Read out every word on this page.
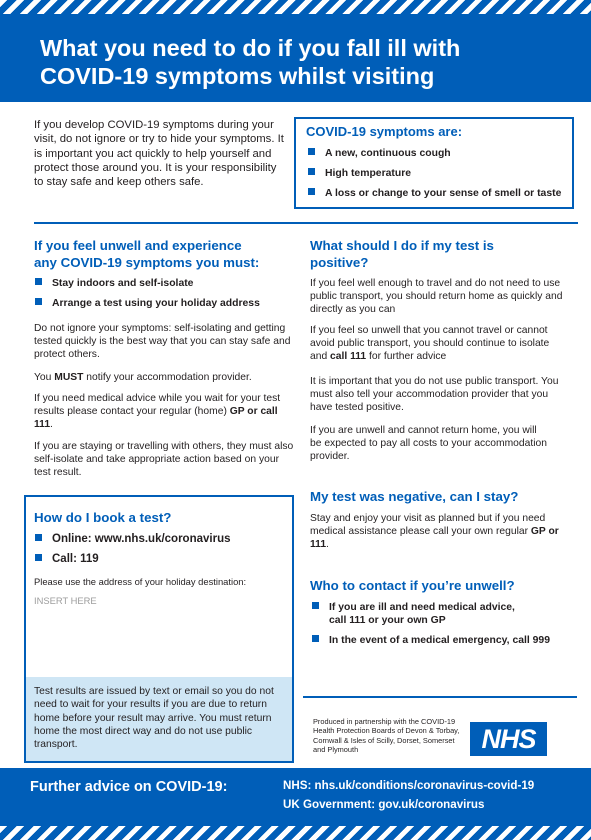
What you need to do if you fall ill with
COVID-19 symptoms whilst visiting

If you develop COVID-19 symptoms during your visit, do not ignore or try to hide your symptoms. It is important you act quickly to help yourself and protect those around you. It is your responsibility to stay safe and keep others safe.

COVID-19 symptoms are:
A new, continuous cough
High temperature
A loss or change to your sense of smell or taste
If you feel unwell and experience
any COVID-19 symptoms you must:
Stay indoors and self-isolate
Arrange a test using your holiday address

Do not ignore your symptoms: self-isolating and getting tested quickly is the best way that you can stay safe and protect others.

You MUST notify your accommodation provider.

If you need medical advice while you wait for your test results please contact your regular (home) GP or call 111.

If you are staying or travelling with others, they must also self-isolate and take appropriate action based on your test result.

How do I book a test?
Online: www.nhs.uk/coronavirus
Call: 119

Please use the address of your holiday destination:

INSERT HERE

Test results are issued by text or email so you do not need to wait for your results if you are due to return home before your result may arrive. You must return home the most direct way and do not use public transport.

What should I do if my test is
positive?

If you feel well enough to travel and do not need to use public transport, you should return home as quickly and directly as you can

If you feel so unwell that you cannot travel or cannot avoid public transport, you should continue to isolate and call 111 for further advice

It is important that you do not use public transport. You must also tell your accommodation provider that you have tested positive.

If you are unwell and cannot return home, you will be expected to pay all costs to your accommodation provider.

My test was negative, can I stay?

Stay and enjoy your visit as planned but if you need medical assistance please call your own regular GP or 111.

Who to contact if you’re unwell?
If you are ill and need medical advice,
call 111 or your own GP
In the event of a medical emergency, call 999

Produced in partnership with the COVID-19 Health Protection Boards of Devon & Torbay, Cornwall & Isles of Scilly, Dorset, Somerset and Plymouth	NHS

Further advice on COVID-19:	NHS: nhs.uk/conditions/coronavirus-covid-19

UK Government: gov.uk/coronavirus
